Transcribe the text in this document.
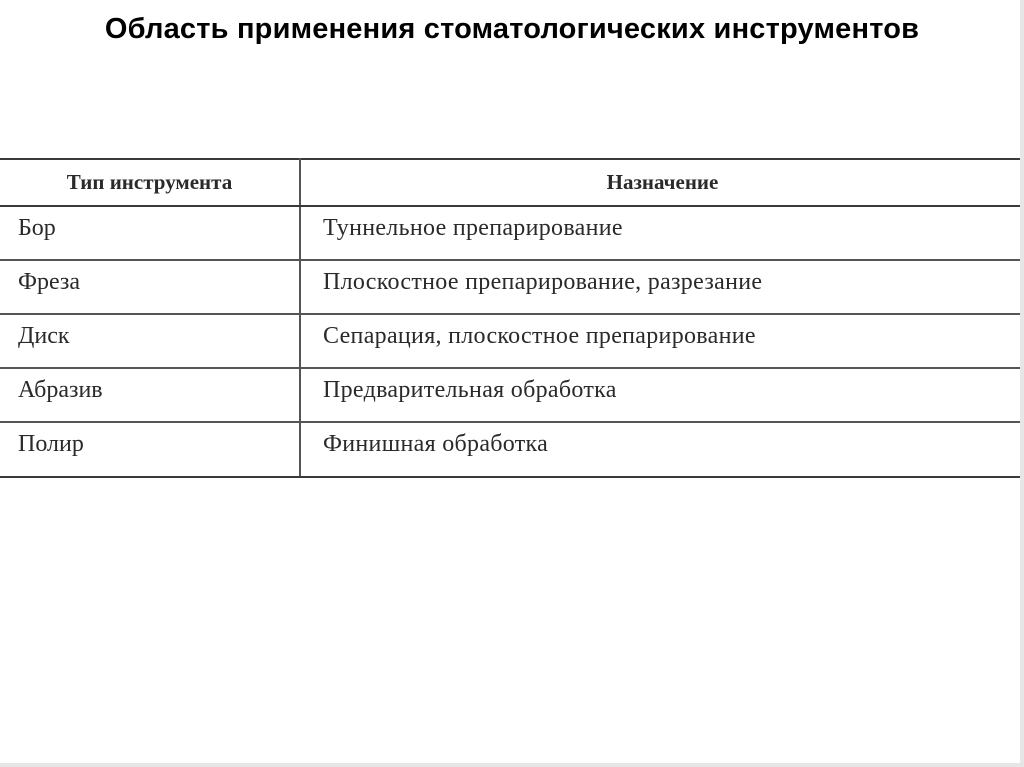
Область применения стоматологических инструментов
Тип инструмента	Назначение
Бор	Туннельное препарирование
Фреза	Плоскостное препарирование, разрезание
Диск	Сепарация, плоскостное препарирование
Абразив	Предварительная обработка
Полир	Финишная обработка
